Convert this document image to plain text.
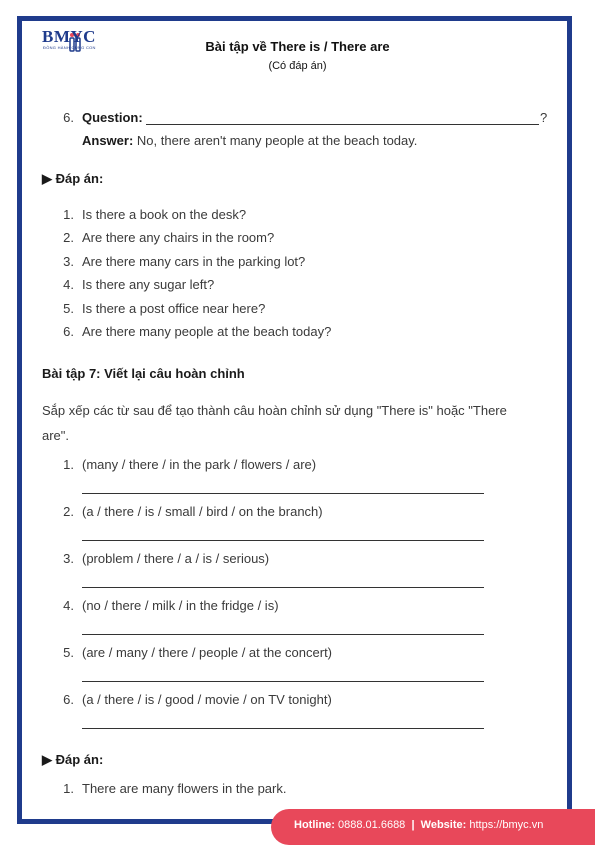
BMYC
ĐỒNG HÀNH CÙNG CON	Bài tập về There is / There are
(Có đáp án)
6. Question:	?
Answer: No, there aren't many people at the beach today.
▶ Đáp án:
1. Is there a book on the desk?
2. Are there any chairs in the room?
3. Are there many cars in the parking lot?
4. Is there any sugar left?
5. Is there a post office near here?
6. Are there many people at the beach today?
Bài tập 7: Viết lại câu hoàn chỉnh
Sắp xếp các từ sau để tạo thành câu hoàn chỉnh sử dụng "There is" hoặc "There
are".
1. (many / there / in the park / flowers / are)
2. (a / there / is / small / bird / on the branch)
3. (problem / there / a / is / serious)
4. (no / there / milk / in the fridge / is)
5. (are / many / there / people / at the concert)
6. (a / there / is / good / movie / on TV tonight)
▶ Đáp án:
1. There are many flowers in the park.
Hotline: 0888.01.6688 | Website: https://bmyc.vn
